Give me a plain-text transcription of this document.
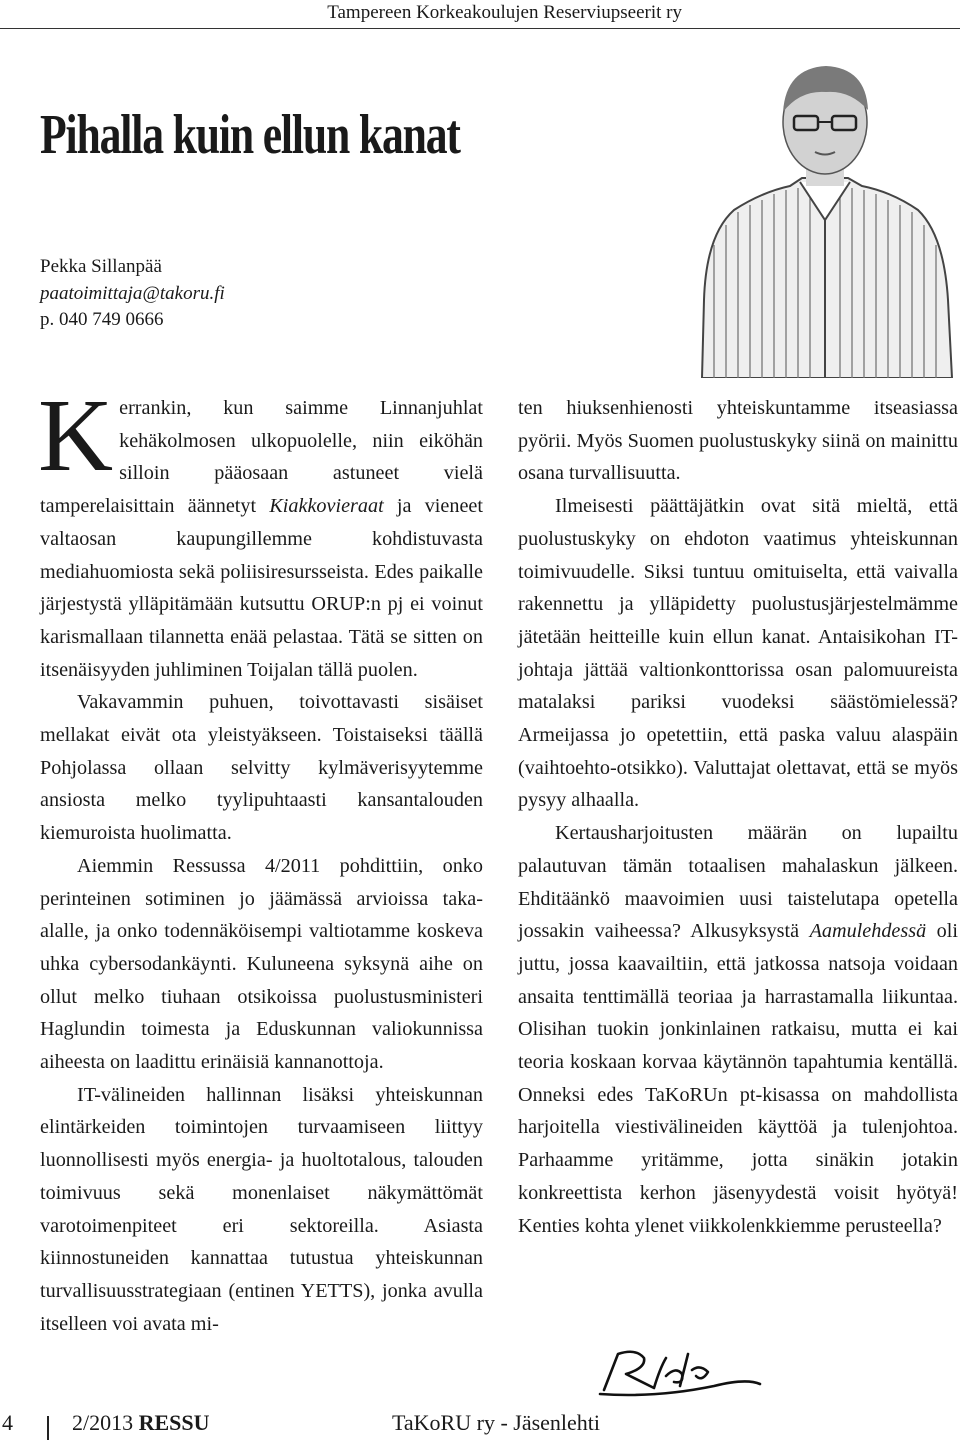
Tampereen Korkeakoulujen Reserviupseerit ry
Pihalla kuin ellun kanat
Pekka Sillanpää
paatoimittaja@takoru.fi
p. 040 749 0666

Kerrankin, kun saimme Linnanjuhlat kehäkolmosen ulkopuolelle, niin eiköhän silloin pääosaan astuneet vielä tamperelaisittain äännetyt Kiakkovieraat ja vieneet valtaosan kaupungillemme kohdistuvasta mediahuomiosta sekä poliisiresursseista. Edes paikalle järjestystä ylläpitämään kutsuttu ORUP:n pj ei voinut karismallaan tilannetta enää pelastaa. Tätä se sitten on itsenäisyyden juhliminen Toijalan tällä puolen.

Vakavammin puhuen, toivottavasti sisäiset mellakat eivät ota yleistyäkseen. Toistaiseksi täällä Pohjolassa ollaan selvitty kylmäverisyytemme ansiosta melko tyylipuhtaasti kansantalouden kiemuroista huolimatta.

Aiemmin Ressussa 4/2011 pohdittiin, onko perinteinen sotiminen jo jäämässä arvioissa taka-alalle, ja onko todennäköisempi valtiotamme koskeva uhka cybersodankäynti. Kuluneena syksynä aihe on ollut melko tiuhaan otsikoissa puolustusministeri Haglundin toimesta ja Eduskunnan valiokunnissa aiheesta on laadittu erinäisiä kannanottoja.

IT-välineiden hallinnan lisäksi yhteiskunnan elintärkeiden toimintojen turvaamiseen liittyy luonnollisesti myös energia- ja huoltotalous, talouden toimivuus sekä monenlaiset näkymättömät varotoimenpiteet eri sektoreilla. Asiasta kiinnostuneiden kannattaa tutustua yhteiskunnan turvallisuusstrategiaan (entinen YETTS), jonka avulla itselleen voi avata mi-

ten hiuksenhienosti yhteiskuntamme itseasiassa pyörii. Myös Suomen puolustuskyky siinä on mainittu osana turvallisuutta.

Ilmeisesti päättäjätkin ovat sitä mieltä, että puolustuskyky on ehdoton vaatimus yhteiskunnan toimivuudelle. Siksi tuntuu omituiselta, että vaivalla rakennettu ja ylläpidetty puolustusjärjestelmämme jätetään heitteille kuin ellun kanat. Antaisikohan IT-johtaja jättää valtionkonttorissa osan palomuureista matalaksi pariksi vuodeksi säästömielessä? Armeijassa jo opetettiin, että paska valuu alaspäin (vaihtoehto-otsikko). Valuttajat olettavat, että se myös pysyy alhaalla.

Kertausharjoitusten määrän on lupailtu palautuvan tämän totaalisen mahalaskun jälkeen. Ehditäänkö maavoimien uusi taistelutapa opetella jossakin vaiheessa? Alkusyksystä Aamulehdessä oli juttu, jossa kaavailtiin, että jatkossa natsoja voidaan ansaita tenttimällä teoriaa ja harrastamalla liikuntaa. Olisihan tuokin jonkinlainen ratkaisu, mutta ei kai teoria koskaan korvaa käytännön tapahtumia kentällä. Onneksi edes TaKoRUn pt-kisassa on mahdollista harjoitella viestivälineiden käyttöä ja tulenjohtoa. Parhaamme yritämme, jotta sinäkin jotakin konkreettista kerhon jäsenyydestä voisit hyötyä! Kenties kohta ylenet viikkolenkkiemme perusteella?

4	2/2013 RESSU	TaKoRU ry - Jäsenlehti
